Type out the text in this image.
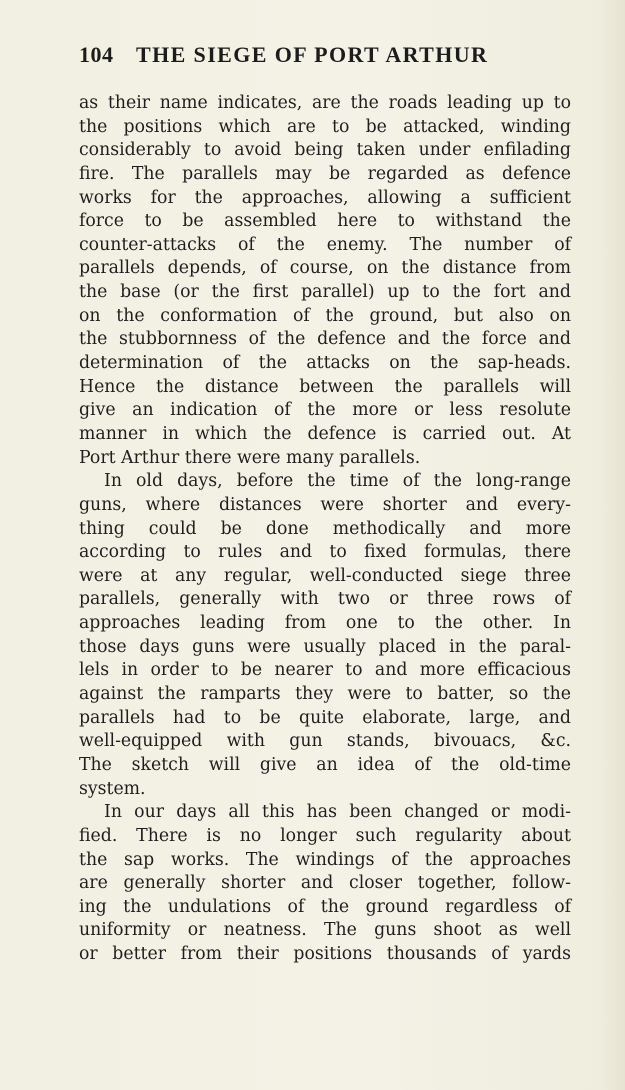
104 THE SIEGE OF PORT ARTHUR
as their name indicates, are the roads leading up to
the positions which are to be attacked, winding
considerably to avoid being taken under enfilading
fire. The parallels may be regarded as defence
works for the approaches, allowing a sufficient
force to be assembled here to withstand the
counter-attacks of the enemy. The number of
parallels depends, of course, on the distance from
the base (or the first parallel) up to the fort and
on the conformation of the ground, but also on
the stubbornness of the defence and the force and
determination of the attacks on the sap-heads.
Hence the distance between the parallels will
give an indication of the more or less resolute
manner in which the defence is carried out. At
Port Arthur there were many parallels.
In old days, before the time of the long-range
guns, where distances were shorter and every-
thing could be done methodically and more
according to rules and to fixed formulas, there
were at any regular, well-conducted siege three
parallels, generally with two or three rows of
approaches leading from one to the other. In
those days guns were usually placed in the paral-
lels in order to be nearer to and more efficacious
against the ramparts they were to batter, so the
parallels had to be quite elaborate, large, and
well-equipped with gun stands, bivouacs, &c.
The sketch will give an idea of the old-time
system.
In our days all this has been changed or modi-
fied. There is no longer such regularity about
the sap works. The windings of the approaches
are generally shorter and closer together, follow-
ing the undulations of the ground regardless of
uniformity or neatness. The guns shoot as well
or better from their positions thousands of yards
